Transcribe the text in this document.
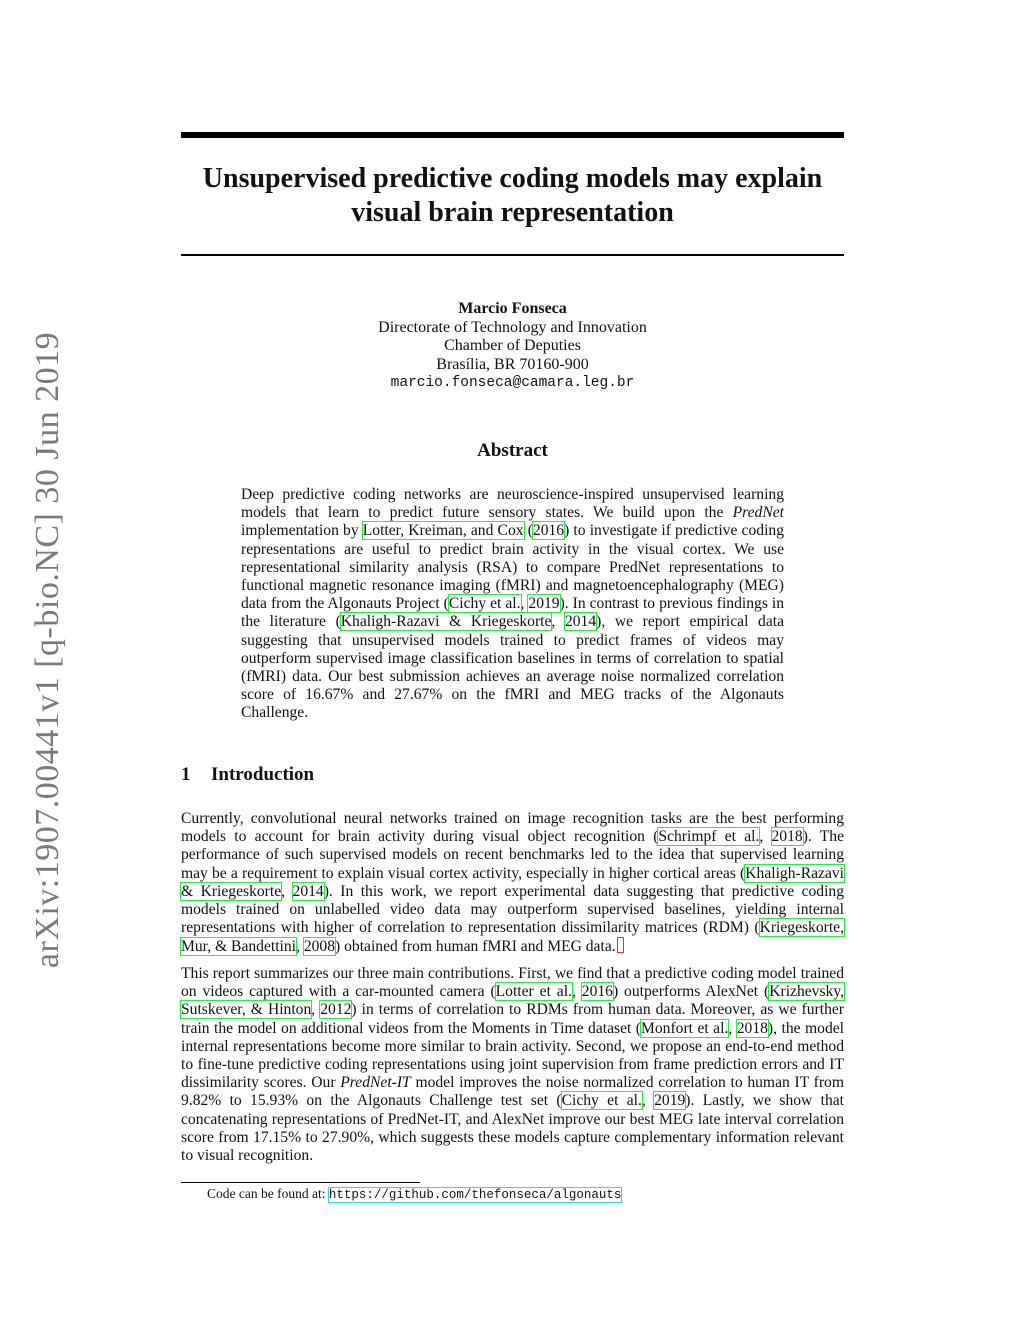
arXiv:1907.00441v1 [q-bio.NC] 30 Jun 2019
Unsupervised predictive coding models may explain
visual brain representation
Marcio Fonseca
Directorate of Technology and Innovation
Chamber of Deputies
Brasília, BR 70160-900
marcio.fonseca@camara.leg.br
Abstract

Deep predictive coding networks are neuroscience-inspired unsupervised learning models that learn to predict future sensory states. We build upon the PredNet implementation by Lotter, Kreiman, and Cox (2016) to investigate if predictive coding representations are useful to predict brain activity in the visual cortex. We use representational similarity analysis (RSA) to compare PredNet representations to functional magnetic resonance imaging (fMRI) and magnetoencephalography (MEG) data from the Algonauts Project (Cichy et al., 2019). In contrast to previous findings in the literature (Khaligh-Razavi & Kriegeskorte, 2014), we report empirical data suggesting that unsupervised models trained to predict frames of videos may outperform supervised image classification baselines in terms of correlation to spatial (fMRI) data. Our best submission achieves an average noise normalized correlation score of 16.67% and 27.67% on the fMRI and MEG tracks of the Algonauts Challenge.

1 Introduction

Currently, convolutional neural networks trained on image recognition tasks are the best performing models to account for brain activity during visual object recognition (Schrimpf et al., 2018). The performance of such supervised models on recent benchmarks led to the idea that supervised learning may be a requirement to explain visual cortex activity, especially in higher cortical areas (Khaligh-Razavi & Kriegeskorte, 2014). In this work, we report experimental data suggesting that predictive coding models trained on unlabelled video data may outperform supervised baselines, yielding internal representations with higher of correlation to representation dissimilarity matrices (RDM) (Kriegeskorte, Mur, & Bandettini, 2008) obtained from human fMRI and MEG data.

This report summarizes our three main contributions. First, we find that a predictive coding model trained on videos captured with a car-mounted camera (Lotter et al., 2016) outperforms AlexNet (Krizhevsky, Sutskever, & Hinton, 2012) in terms of correlation to RDMs from human data. Moreover, as we further train the model on additional videos from the Moments in Time dataset (Monfort et al., 2018), the model internal representations become more similar to brain activity. Second, we propose an end-to-end method to fine-tune predictive coding representations using joint supervision from frame prediction errors and IT dissimilarity scores. Our PredNet-IT model improves the noise normalized correlation to human IT from 9.82% to 15.93% on the Algonauts Challenge test set (Cichy et al., 2019). Lastly, we show that concatenating representations of PredNet-IT, and AlexNet improve our best MEG late interval correlation score from 17.15% to 27.90%, which suggests these models capture complementary information relevant to visual recognition.

Code can be found at: https://github.com/thefonseca/algonauts
